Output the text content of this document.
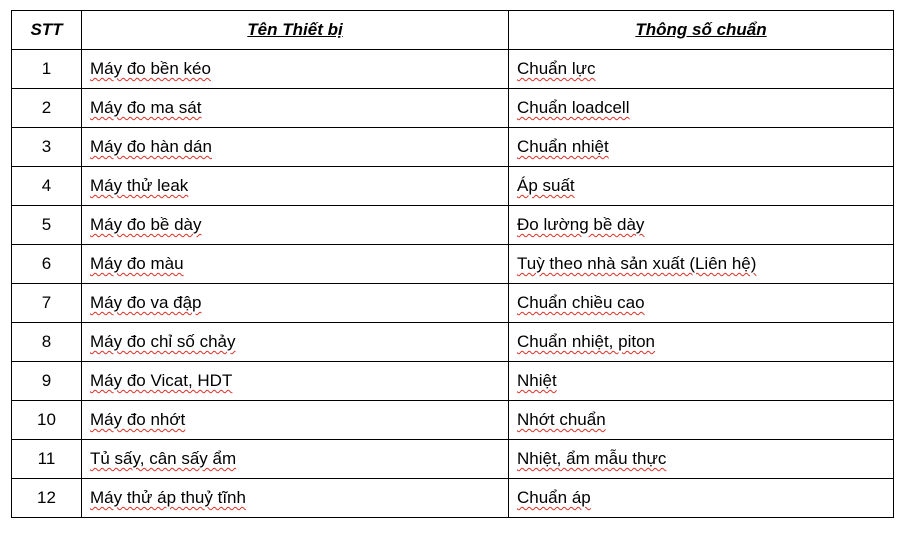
STT	Tên Thiết bị	Thông số chuẩn
1	Máy đo bền kéo	Chuẩn lực
2	Máy đo ma sát	Chuẩn loadcell
3	Máy đo hàn dán	Chuẩn nhiệt
4	Máy thử leak	Áp suất
5	Máy đo bề dày	Đo lường bề dày
6	Máy đo màu	Tuỳ theo nhà sản xuất (Liên hệ)
7	Máy đo va đập	Chuẩn chiều cao
8	Máy đo chỉ số chảy	Chuẩn nhiệt, piton
9	Máy đo Vicat, HDT	Nhiệt
10	Máy đo nhớt	Nhớt chuẩn
11	Tủ sấy, cân sấy ẩm	Nhiệt, ẩm mẫu thực
12	Máy thử áp thuỷ tĩnh	Chuẩn áp
